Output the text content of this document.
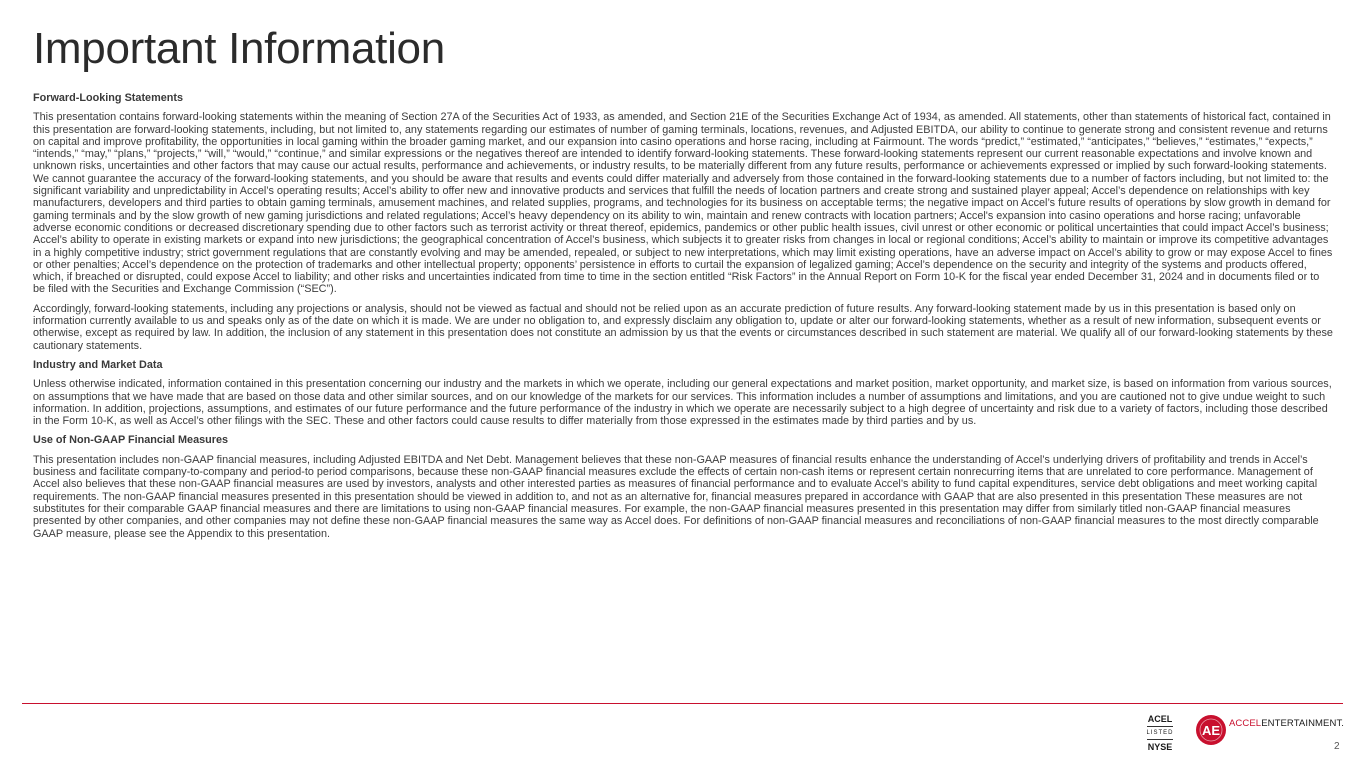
Important Information
Forward-Looking Statements

This presentation contains forward-looking statements within the meaning of Section 27A of the Securities Act of 1933, as amended, and Section 21E of the Securities Exchange Act of 1934, as amended. All statements, other than statements of historical fact, contained in this presentation are forward-looking statements, including, but not limited to, any statements regarding our estimates of number of gaming terminals, locations, revenues, and Adjusted EBITDA, our ability to continue to generate strong and consistent revenue and returns on capital and improve profitability, the opportunities in local gaming within the broader gaming market, and our expansion into casino operations and horse racing, including at Fairmount. The words “predict,” “estimated,” “anticipates,” “believes,” “estimates,” “expects,” “intends,” “may,” “plans,” “projects,” “will,” “would,” “continue,” and similar expressions or the negatives thereof are intended to identify forward-looking statements. These forward-looking statements represent our current reasonable expectations and involve known and unknown risks, uncertainties and other factors that may cause our actual results, performance and achievements, or industry results, to be materially different from any future results, performance or achievements expressed or implied by such forward-looking statements. We cannot guarantee the accuracy of the forward-looking statements, and you should be aware that results and events could differ materially and adversely from those contained in the forward-looking statements due to a number of factors including, but not limited to: the significant variability and unpredictability in Accel’s operating results; Accel’s ability to offer new and innovative products and services that fulfill the needs of location partners and create strong and sustained player appeal; Accel’s dependence on relationships with key manufacturers, developers and third parties to obtain gaming terminals, amusement machines, and related supplies, programs, and technologies for its business on acceptable terms; the negative impact on Accel’s future results of operations by slow growth in demand for gaming terminals and by the slow growth of new gaming jurisdictions and related regulations; Accel’s heavy dependency on its ability to win, maintain and renew contracts with location partners; Accel's expansion into casino operations and horse racing; unfavorable adverse economic conditions or decreased discretionary spending due to other factors such as terrorist activity or threat thereof, epidemics, pandemics or other public health issues, civil unrest or other economic or political uncertainties that could impact Accel’s business; Accel’s ability to operate in existing markets or expand into new jurisdictions; the geographical concentration of Accel’s business, which subjects it to greater risks from changes in local or regional conditions; Accel’s ability to maintain or improve its competitive advantages in a highly competitive industry; strict government regulations that are constantly evolving and may be amended, repealed, or subject to new interpretations, which may limit existing operations, have an adverse impact on Accel’s ability to grow or may expose Accel to fines or other penalties; Accel’s dependence on the protection of trademarks and other intellectual property; opponents’ persistence in efforts to curtail the expansion of legalized gaming; Accel’s dependence on the security and integrity of the systems and products offered, which, if breached or disrupted, could expose Accel to liability; and other risks and uncertainties indicated from time to time in the section entitled “Risk Factors” in the Annual Report on Form 10-K for the fiscal year ended December 31, 2024 and in documents filed or to be filed with the Securities and Exchange Commission (“SEC”).

Accordingly, forward-looking statements, including any projections or analysis, should not be viewed as factual and should not be relied upon as an accurate prediction of future results. Any forward-looking statement made by us in this presentation is based only on information currently available to us and speaks only as of the date on which it is made. We are under no obligation to, and expressly disclaim any obligation to, update or alter our forward-looking statements, whether as a result of new information, subsequent events or otherwise, except as required by law. In addition, the inclusion of any statement in this presentation does not constitute an admission by us that the events or circumstances described in such statement are material. We qualify all of our forward-looking statements by these cautionary statements.

Industry and Market Data

Unless otherwise indicated, information contained in this presentation concerning our industry and the markets in which we operate, including our general expectations and market position, market opportunity, and market size, is based on information from various sources, on assumptions that we have made that are based on those data and other similar sources, and on our knowledge of the markets for our services. This information includes a number of assumptions and limitations, and you are cautioned not to give undue weight to such information. In addition, projections, assumptions, and estimates of our future performance and the future performance of the industry in which we operate are necessarily subject to a high degree of uncertainty and risk due to a variety of factors, including those described in the Form 10-K, as well as Accel’s other filings with the SEC. These and other factors could cause results to differ materially from those expressed in the estimates made by third parties and by us.

Use of Non-GAAP Financial Measures

This presentation includes non-GAAP financial measures, including Adjusted EBITDA and Net Debt. Management believes that these non-GAAP measures of financial results enhance the understanding of Accel’s underlying drivers of profitability and trends in Accel’s business and facilitate company-to-company and period-to period comparisons, because these non-GAAP financial measures exclude the effects of certain non-cash items or represent certain nonrecurring items that are unrelated to core performance. Management of Accel also believes that these non-GAAP financial measures are used by investors, analysts and other interested parties as measures of financial performance and to evaluate Accel’s ability to fund capital expenditures, service debt obligations and meet working capital requirements. The non-GAAP financial measures presented in this presentation should be viewed in addition to, and not as an alternative for, financial measures prepared in accordance with GAAP that are also presented in this presentation These measures are not substitutes for their comparable GAAP financial measures and there are limitations to using non-GAAP financial measures. For example, the non-GAAP financial measures presented in this presentation may differ from similarly titled non-GAAP financial measures presented by other companies, and other companies may not define these non-GAAP financial measures the same way as Accel does. For definitions of non-GAAP financial measures and reconciliations of non-GAAP financial measures to the most directly comparable GAAP measure, please see the Appendix to this presentation.

ACEL
LISTED
NYSE
AE ACCELENTERTAINMENT.
2
